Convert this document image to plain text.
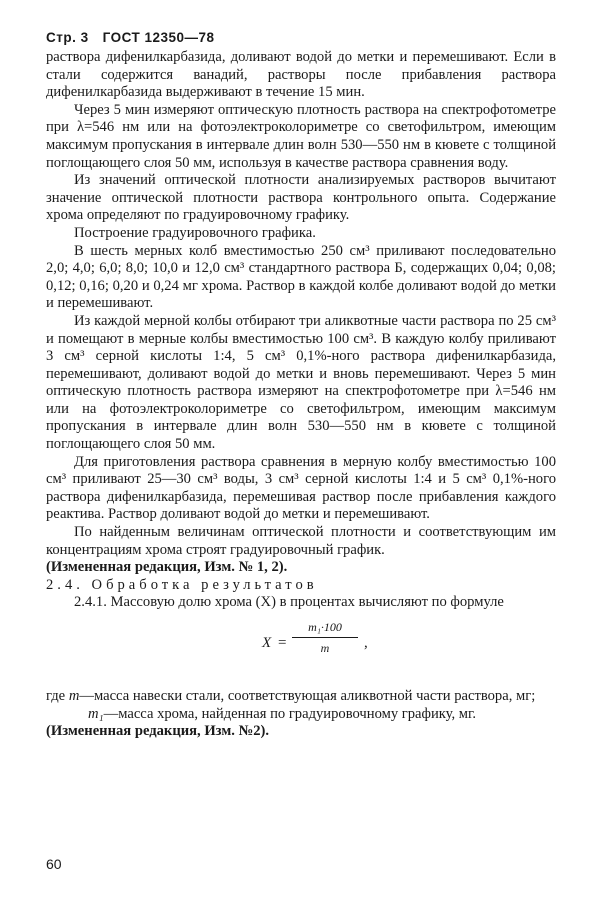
Стр. 3 ГОСТ 12350—78

раствора дифенилкарбазида, доливают водой до метки и перемешивают. Если в стали содержится ванадий, растворы после прибавления раствора дифенилкарбазида выдерживают в течение 15 мин.

Через 5 мин измеряют оптическую плотность раствора на спектрофотометре при λ=546 нм или на фотоэлектроколориметре со светофильтром, имеющим максимум пропускания в интервале длин волн 530—550 нм в кювете с толщиной поглощающего слоя 50 мм, используя в качестве раствора сравнения воду.

Из значений оптической плотности анализируемых растворов вычитают значение оптической плотности раствора контрольного опыта. Содержание хрома определяют по градуировочному графику.

Построение градуировочного графика.

В шесть мерных колб вместимостью 250 см³ приливают последовательно 2,0; 4,0; 6,0; 8,0; 10,0 и 12,0 см³ стандартного раствора Б, содержащих 0,04; 0,08; 0,12; 0,16; 0,20 и 0,24 мг хрома. Раствор в каждой колбе доливают водой до метки и перемешивают.

Из каждой мерной колбы отбирают три аликвотные части раствора по 25 см³ и помещают в мерные колбы вместимостью 100 см³. В каждую колбу приливают 3 см³ серной кислоты 1:4, 5 см³ 0,1%-ного раствора дифенилкарбазида, перемешивают, доливают водой до метки и вновь перемешивают. Через 5 мин оптическую плотность раствора измеряют на спектрофотометре при λ=546 нм или на фотоэлектроколориметре со светофильтром, имеющим максимум пропускания в интервале длин волн 530—550 нм в кювете с толщиной поглощающего слоя 50 мм.

Для приготовления раствора сравнения в мерную колбу вместимостью 100 см³ приливают 25—30 см³ воды, 3 см³ серной кислоты 1:4 и 5 см³ 0,1%-ного раствора дифенилкарбазида, перемешивая раствор после прибавления каждого реактива. Раствор доливают водой до метки и перемешивают.

По найденным величинам оптической плотности и соответствующим им концентрациям хрома строят градуировочный график.

(Измененная редакция, Изм. № 1, 2).

2.4. Обработка результатов

2.4.1. Массовую долю хрома (X) в процентах вычисляют по формуле

X =
m₁·100
m	,
где m—масса навески стали, соответствующая аликвотной части раствора, мг;
m₁—масса хрома, найденная по градуировочному графику, мг.
(Измененная редакция, Изм. №2).
60
